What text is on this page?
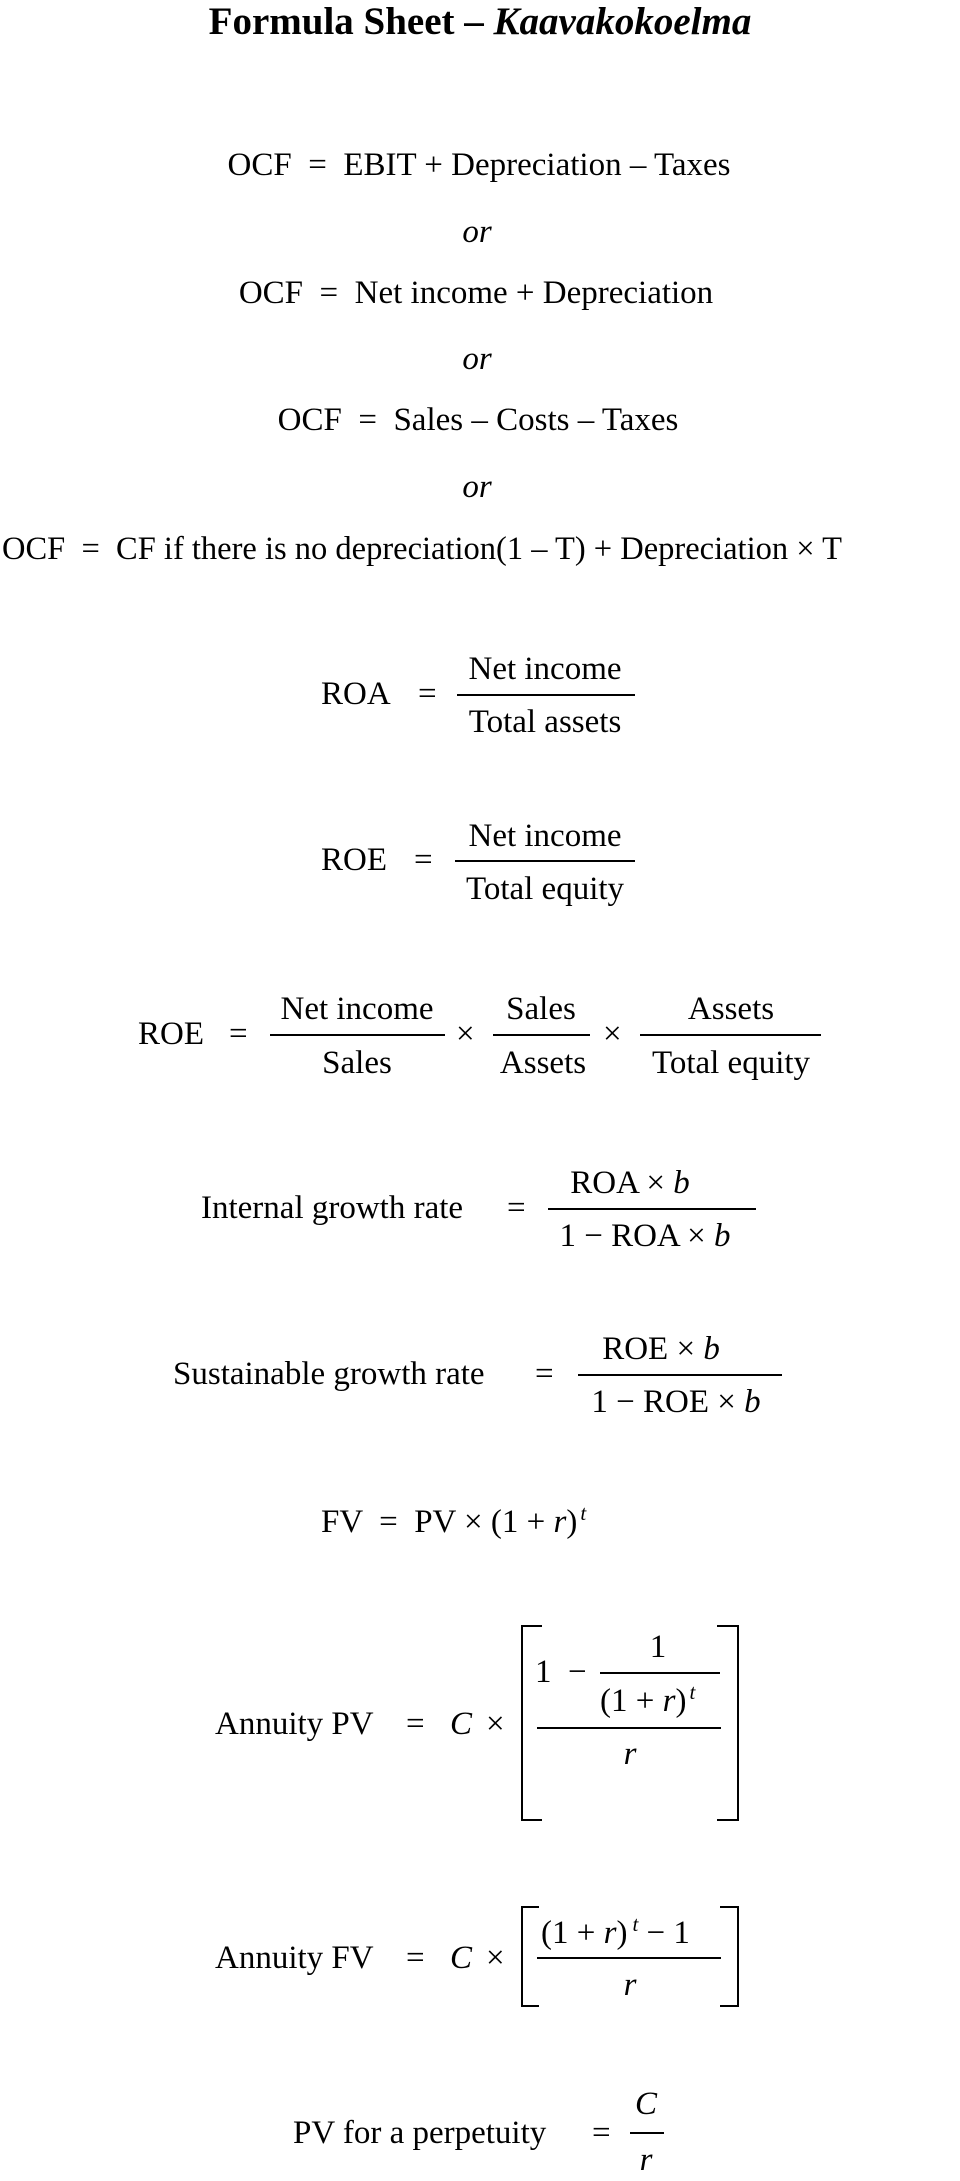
Formula Sheet – Kaavakokoelma
OCF  =  EBIT + Depreciation – Taxes
or
OCF  =  Net income + Depreciation
or
OCF  =  Sales – Costs – Taxes
or
OCF  =  CF if there is no depreciation(1 – T) + Depreciation × T
ROA =
Net income
Total assets
ROE =
Net income
Total equity
ROE =
Net income
Sales
×
Sales
Assets
×
Assets
Total equity
Internal growth rate =
ROA × b
1 − ROA × b
Sustainable growth rate =
ROE × b
1 − ROE × b
FV  =  PV × (1 + r) $^t$
Annuity PV = C ×
1 −
1
(1 + r) $^t$
r
Annuity FV = C ×
(1 + r) $^t$ − 1
r
PV for a perpetuity =
C
r
